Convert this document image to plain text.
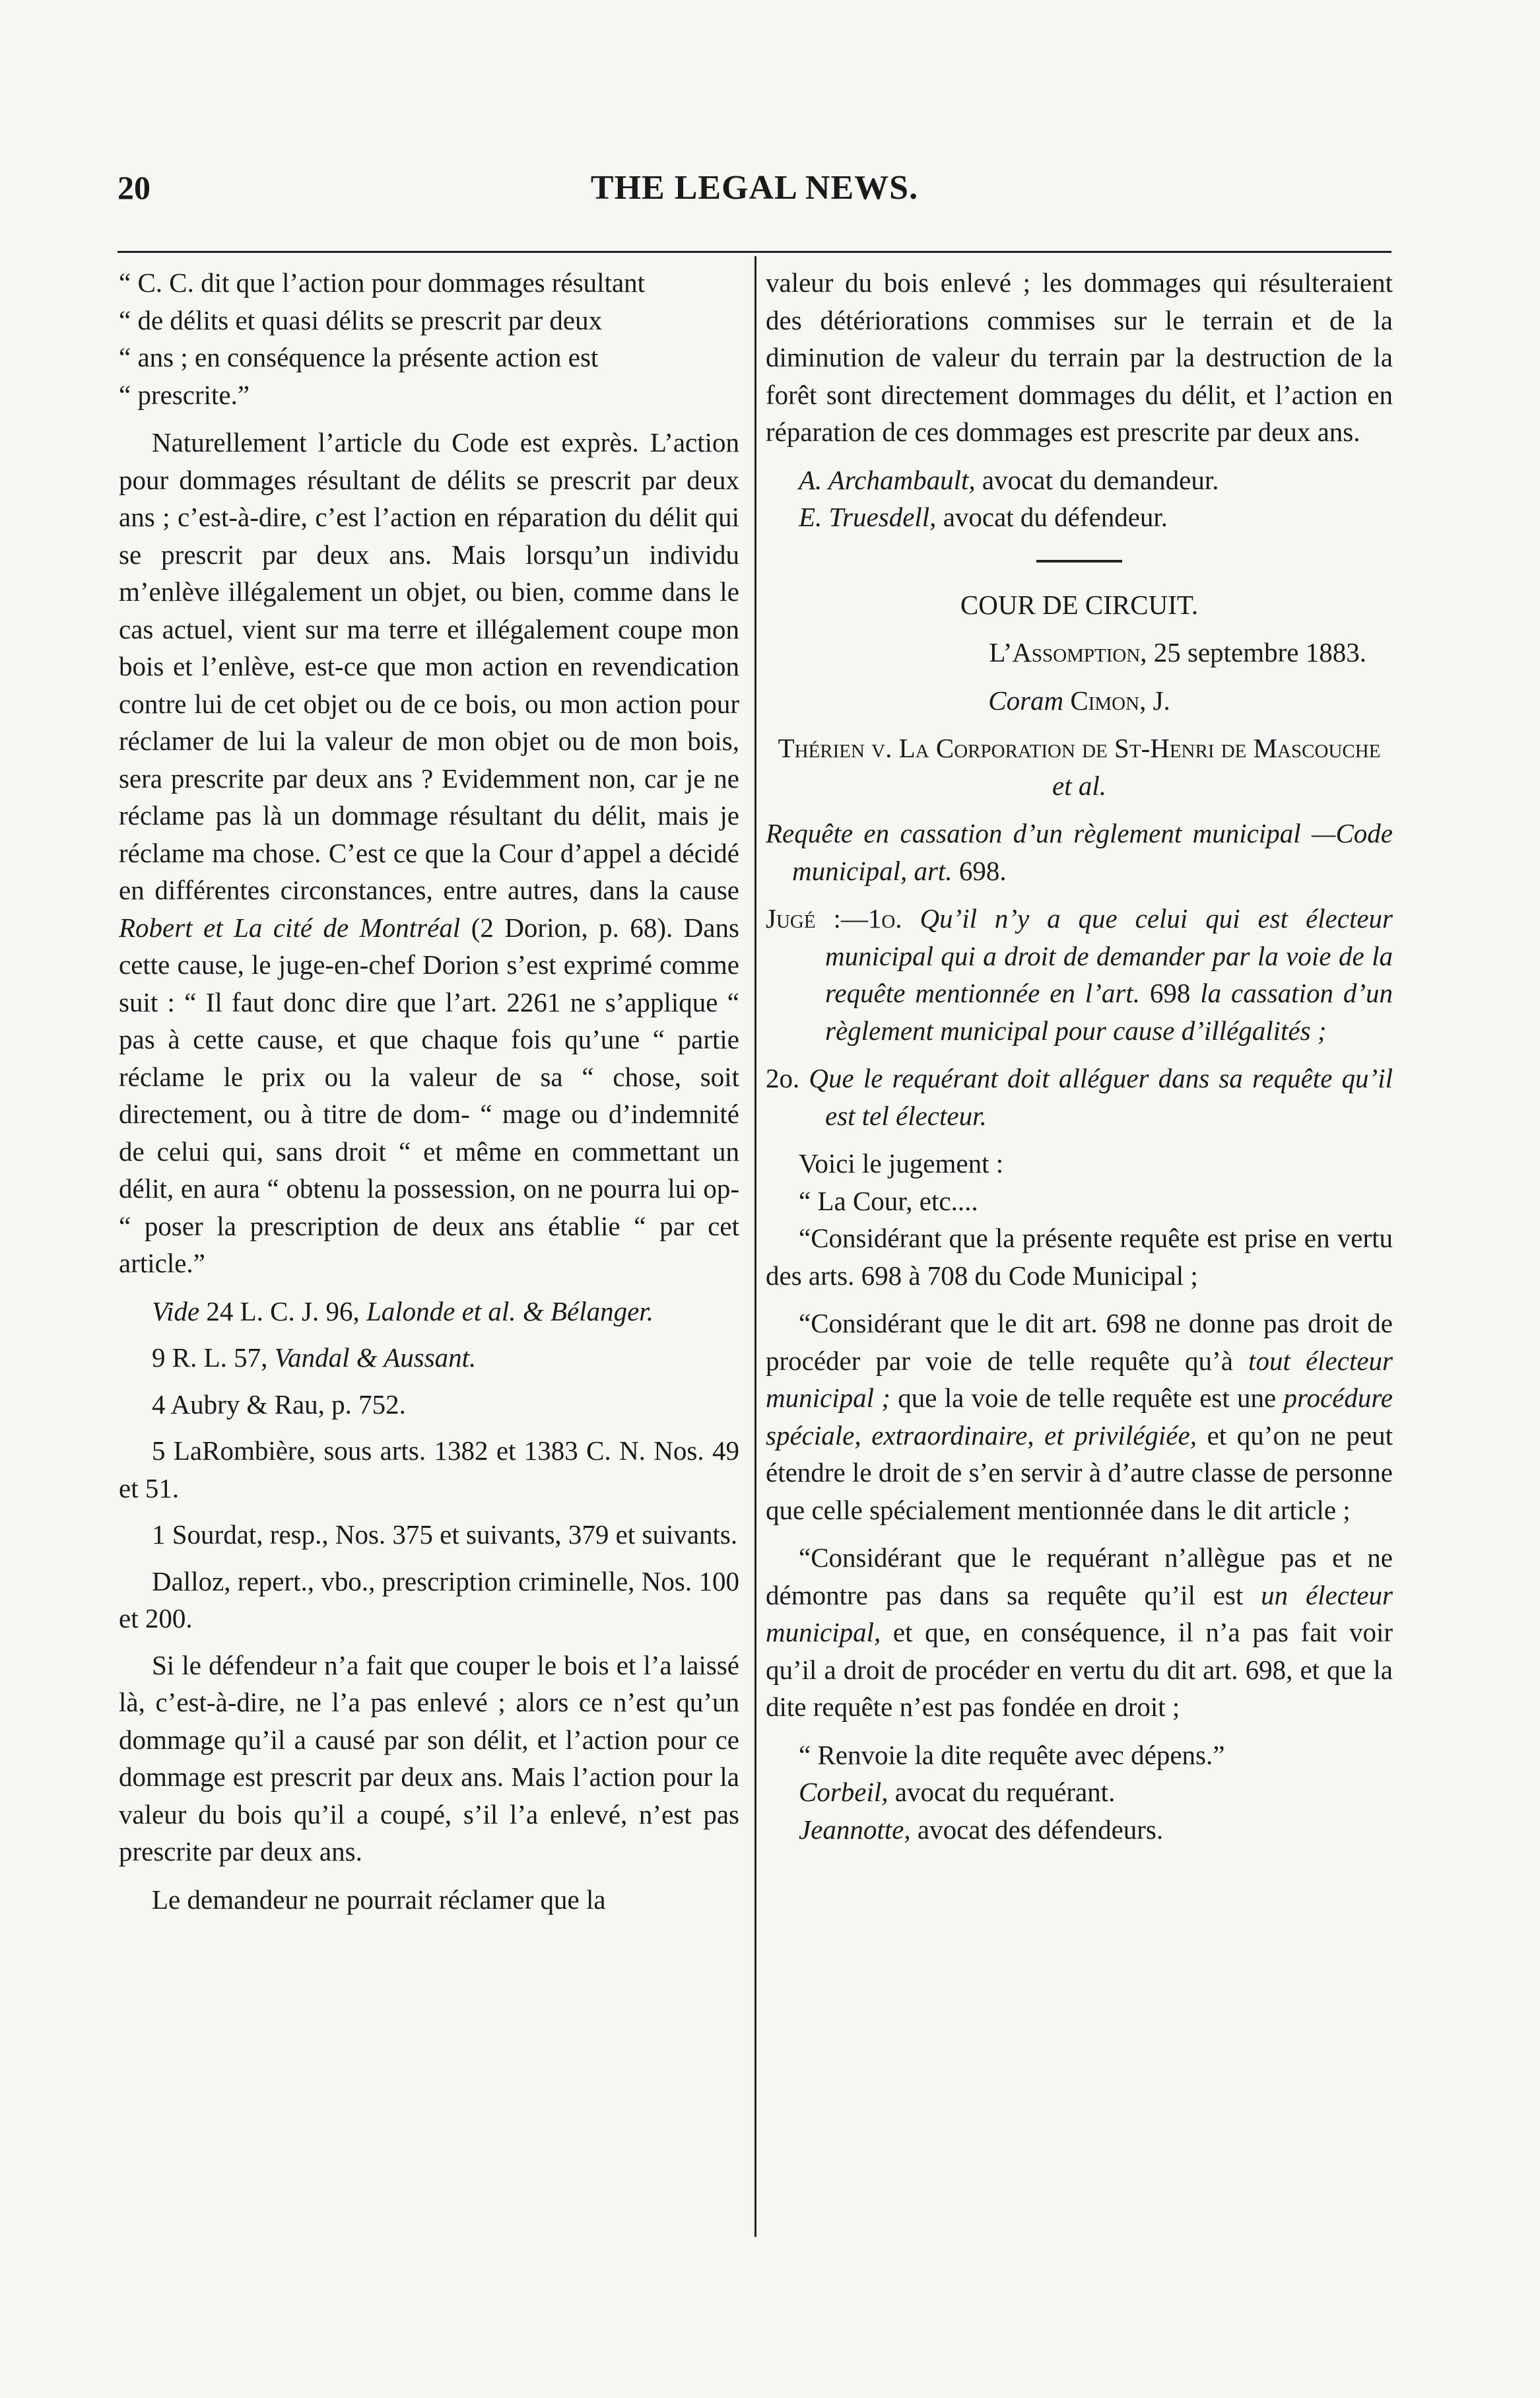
20	THE LEGAL NEWS.

“ C. C. dit que l’action pour dommages résultant
“ de délits et quasi délits se prescrit par deux
“ ans ; en conséquence la présente action est
“ prescrite.”

Naturellement l’article du Code est exprès. L’action pour dommages résultant de délits se prescrit par deux ans ; c’est-à-dire, c’est l’action en réparation du délit qui se prescrit par deux ans. Mais lorsqu’un individu m’enlève illégalement un objet, ou bien, comme dans le cas actuel, vient sur ma terre et illégalement coupe mon bois et l’enlève, est-ce que mon action en revendication contre lui de cet objet ou de ce bois, ou mon action pour réclamer de lui la valeur de mon objet ou de mon bois, sera prescrite par deux ans ? Evidemment non, car je ne réclame pas là un dommage résultant du délit, mais je réclame ma chose. C’est ce que la Cour d’appel a décidé en différentes circonstances, entre autres, dans la cause Robert et La cité de Montréal (2 Dorion, p. 68). Dans cette cause, le juge-en-chef Dorion s’est exprimé comme suit : “ Il faut donc dire que l’art. 2261 ne s’applique “ pas à cette cause, et que chaque fois qu’une “ partie réclame le prix ou la valeur de sa “ chose, soit directement, ou à titre de dom- “ mage ou d’indemnité de celui qui, sans droit “ et même en commettant un délit, en aura “ obtenu la possession, on ne pourra lui op- “ poser la prescription de deux ans établie “ par cet article.”

Vide 24 L. C. J. 96, Lalonde et al. & Bélanger.

9 R. L. 57, Vandal & Aussant.

4 Aubry & Rau, p. 752.

5 LaRombière, sous arts. 1382 et 1383 C. N. Nos. 49 et 51.

1 Sourdat, resp., Nos. 375 et suivants, 379 et suivants.

Dalloz, repert., vbo., prescription criminelle, Nos. 100 et 200.

Si le défendeur n’a fait que couper le bois et l’a laissé là, c’est-à-dire, ne l’a pas enlevé ; alors ce n’est qu’un dommage qu’il a causé par son délit, et l’action pour ce dommage est prescrit par deux ans. Mais l’action pour la valeur du bois qu’il a coupé, s’il l’a enlevé, n’est pas prescrite par deux ans.

Le demandeur ne pourrait réclamer que la

valeur du bois enlevé ; les dommages qui résulteraient des détériorations commises sur le terrain et de la diminution de valeur du terrain par la destruction de la forêt sont directement dommages du délit, et l’action en réparation de ces dommages est prescrite par deux ans.

A. Archambault, avocat du demandeur.

E. Truesdell, avocat du défendeur.

COUR DE CIRCUIT.

L’Assomption, 25 septembre 1883.

Coram Cimon, J.

Thérien v. La Corporation de St-Henri de Mascouche et al.

Requête en cassation d’un règlement municipal —Code municipal, art. 698.

Jugé :—1o. Qu’il n’y a que celui qui est électeur municipal qui a droit de demander par la voie de la requête mentionnée en l’art. 698 la cassation d’un règlement municipal pour cause d’illégalités ;

2o. Que le requérant doit alléguer dans sa requête qu’il est tel électeur.

Voici le jugement :

“ La Cour, etc....

“Considérant que la présente requête est prise en vertu des arts. 698 à 708 du Code Municipal ;

“Considérant que le dit art. 698 ne donne pas droit de procéder par voie de telle requête qu’à tout électeur municipal ; que la voie de telle requête est une procédure spéciale, extraordinaire, et privilégiée, et qu’on ne peut étendre le droit de s’en servir à d’autre classe de personne que celle spécialement mentionnée dans le dit article ;

“Considérant que le requérant n’allègue pas et ne démontre pas dans sa requête qu’il est un électeur municipal, et que, en conséquence, il n’a pas fait voir qu’il a droit de procéder en vertu du dit art. 698, et que la dite requête n’est pas fondée en droit ;

“ Renvoie la dite requête avec dépens.”

Corbeil, avocat du requérant.

Jeannotte, avocat des défendeurs.
